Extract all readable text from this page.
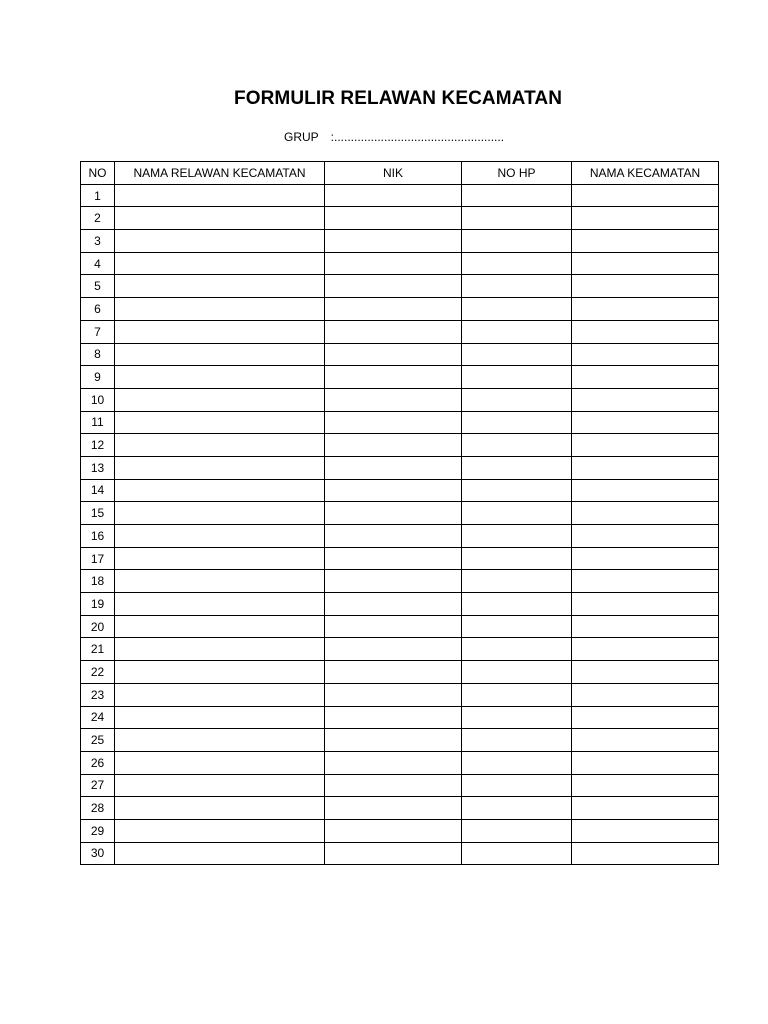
FORMULIR RELAWAN KECAMATAN
GRUP :...................................................
NO	NAMA RELAWAN KECAMATAN	NIK	NO HP	NAMA KECAMATAN
1				
2				
3				
4				
5				
6				
7				
8				
9				
10				
11				
12				
13				
14				
15				
16				
17				
18				
19				
20				
21				
22				
23				
24				
25				
26				
27				
28				
29				
30				
